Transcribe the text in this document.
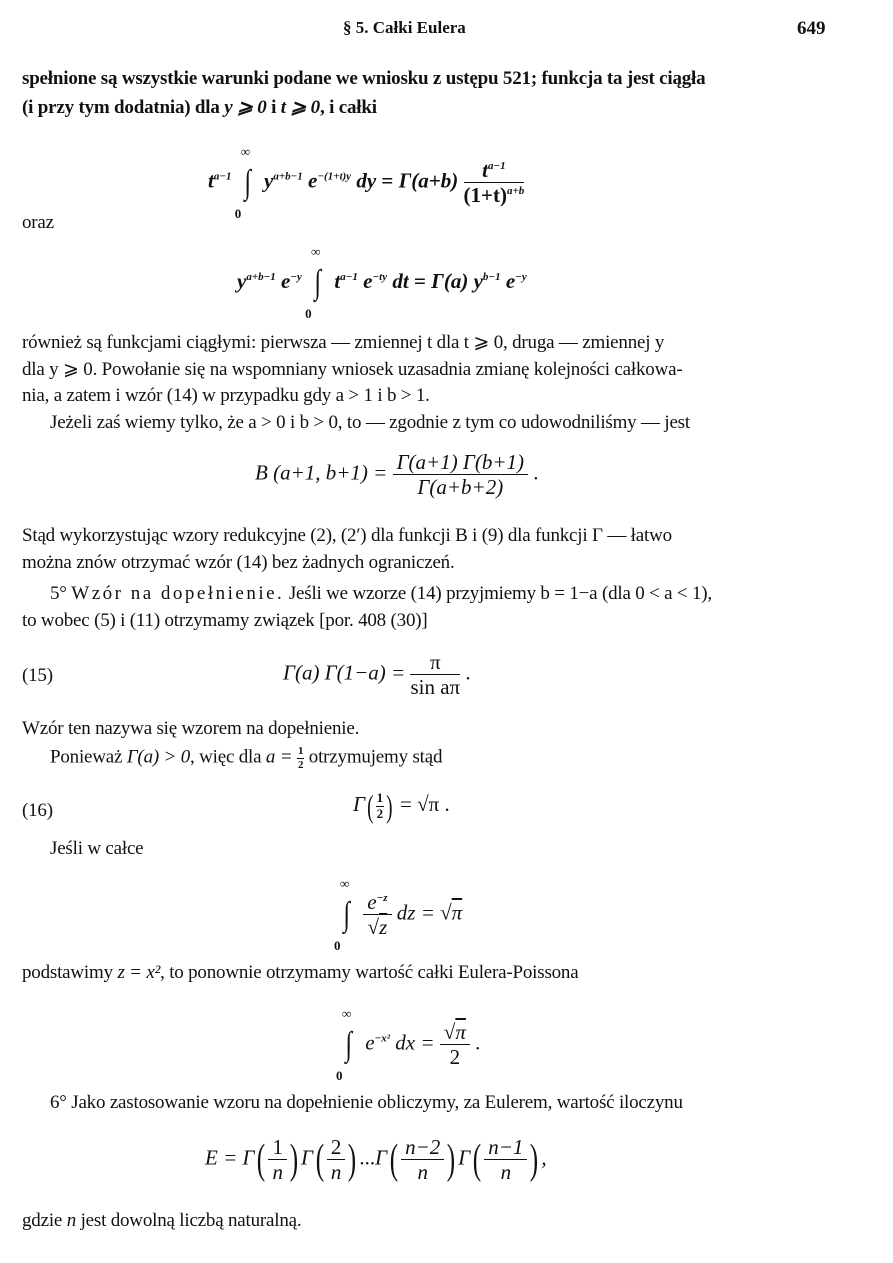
§ 5. Całki Eulera	649
spełnione są wszystkie warunki podane we wniosku z ustępu 521; funkcja ta jest ciągła
(i przy tym dodatnia) dla y ⩾ 0 i t ⩾ 0, i całki
$t^{a-1}$
∞
∫
0
$y^{a+b-1}$ $e^{-(1+t)y}$ dy = $\Gamma(a+b) \frac{t^{a-1}}{(1+t)^{a+b}}$
oraz
$y^{a+b-1}$ $e^{-y}$
∞
∫
0
$t^{a-1}$ $e^{-ty}$ dt = Γ(a) $y^{b-1}$ $e^{-y}$
również są funkcjami ciągłymi: pierwsza — zmiennej t dla t ⩾ 0, druga — zmiennej y
dla y ⩾ 0. Powołanie się na wspomniany wniosek uzasadnia zmianę kolejności całkowa-
nia, a zatem i wzór (14) w przypadku gdy a > 1 i b > 1.
Jeżeli zaś wiemy tylko, że a > 0 i b > 0, to — zgodnie z tym co udowodniliśmy — jest
B (a+1, $b+1) = \frac{\Gamma(a+1) \Gamma(b+1)}{\Gamma(a+b+2)}$ .
Stąd wykorzystując wzory redukcyjne (2), (2′) dla funkcji B i (9) dla funkcji Γ — łatwo
można znów otrzymać wzór (14) bez żadnych ograniczeń.
5° Wzór na dopełnienie. Jeśli we wzorze (14) przyjmiemy b = 1−a (dla 0 < a < 1),
to wobec (5) i (11) otrzymamy związek [por. 408 (30)]
(15)	Γ(a) $\Gamma(1-a) = \frac{\pi}{\text{sin aπ}}$ .
Wzór ten nazywa się wzorem na dopełnienie.
Ponieważ Γ(a) > 0, więc dla $a = \frac{1}{2}$ otrzymujemy stąd
(16)	$\Gamma( \frac{1}{2}$ ) = √π .
Jeśli w całce
∞
∫
0

$\frac{e^{-z}}{√z}$ dz = √π
podstawimy z = x², to ponownie otrzymamy wartość całki Eulera-Poissona
∞
∫
0
$e^{-x^2}$ dx = $\frac{√\pi}{2}$ .
6° Jako zastosowanie wzoru na dopełnienie obliczymy, za Eulerem, wartość iloczynu
$E = \Gamma( \frac{1}{n}$ ) $\Gamma( \frac{2}{n}$ ) $...\Gamma( \frac{n-2}{n}$ ) $\Gamma( \frac{n-1}{n}$ ) ,
gdzie n jest dowolną liczbą naturalną.
